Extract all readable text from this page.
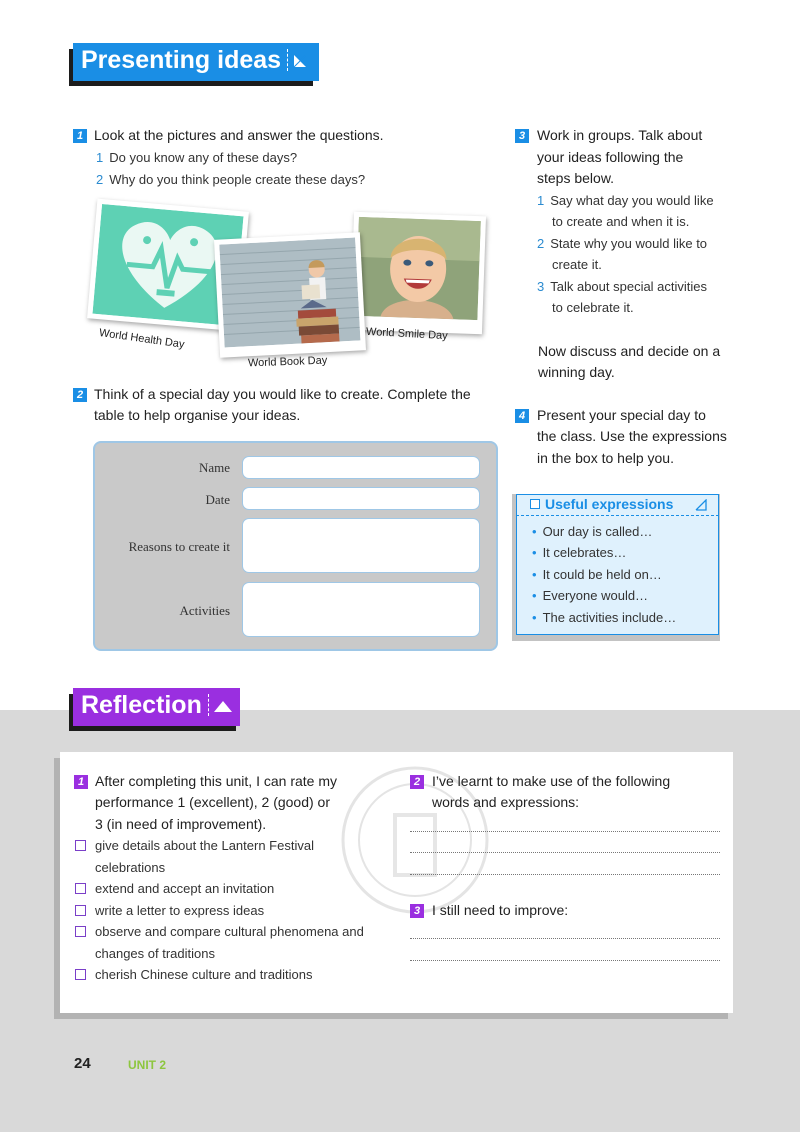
Presenting ideas
1 Look at the pictures and answer the questions.
1 Do you know any of these days?
2 Why do you think people create these days?
World Health Day
World Book Day
World Smile Day
2 Think of a special day you would like to create. Complete the
table to help organise your ideas.
Name
Date
Reasons to create it
Activities
3 Work in groups. Talk about
your ideas following the
steps below.
1 Say what day you would like
to create and when it is.
2 State why you would like to
create it.
3 Talk about special activities
to celebrate it.
Now discuss and decide on a
winning day.
4 Present your special day to
the class. Use the expressions
in the box to help you.
Useful expressions
• Our day is called…
• It celebrates…
• It could be held on…
• Everyone would…
• The activities include…
Reflection
1 After completing this unit, I can rate my
performance 1 (excellent), 2 (good) or
3 (in need of improvement).
give details about the Lantern Festival
celebrations
extend and accept an invitation
write a letter to express ideas
observe and compare cultural phenomena and
changes of traditions
cherish Chinese culture and traditions
2 I’ve learnt to make use of the following
words and expressions:
3 I still need to improve:
24	UNIT 2
